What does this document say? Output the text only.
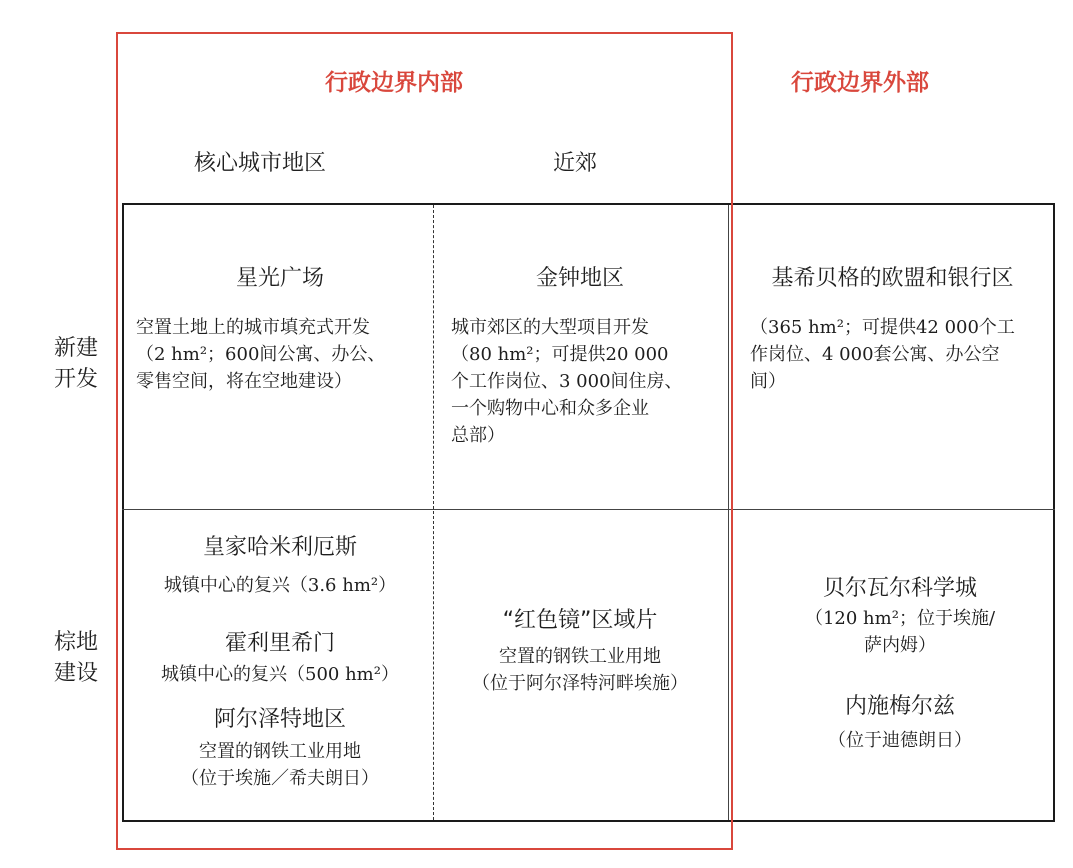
行政边界内部	行政边界外部
核心城市地区	近郊
新建
开发
棕地
建设
星光广场
空置土地上的城市填充式开发
（2 hm²；600间公寓、办公、
零售空间，将在空地建设）
金钟地区
城市郊区的大型项目开发
（80 hm²；可提供20 000
个工作岗位、3 000间住房、
一个购物中心和众多企业
总部）
基希贝格的欧盟和银行区
（365 hm²；可提供42 000个工
作岗位、4 000套公寓、办公空
间）
皇家哈米利厄斯
城镇中心的复兴（3.6 hm²）
霍利里希门
城镇中心的复兴（500 hm²）
阿尔泽特地区
空置的钢铁工业用地
（位于埃施／希夫朗日）
“红色镜”区域片
空置的钢铁工业用地
（位于阿尔泽特河畔埃施）
贝尔瓦尔科学城
（120 hm²；位于埃施/
萨内姆）
内施梅尔兹
（位于迪德朗日）
